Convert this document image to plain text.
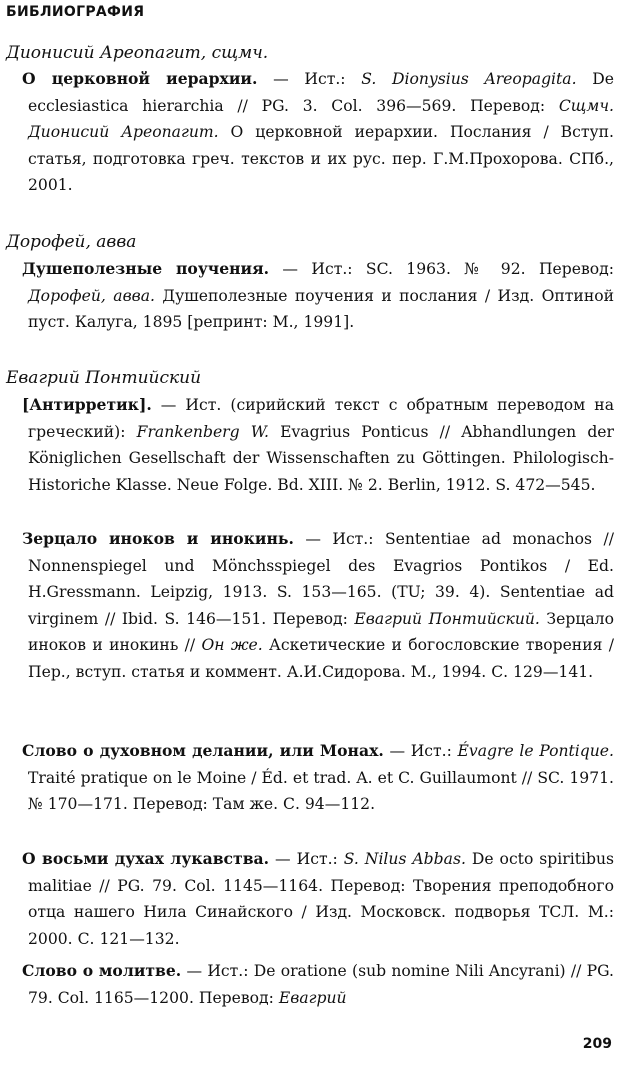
БИБЛИОГРАФИЯ
Дионисий Ареопагит, сщмч.

О церковной иерархии. — Ист.: S. Dionysius Areopagita. De ecclesiastica hierarchia // PG. 3. Col. 396—569. Перевод: Сщмч. Дионисий Ареопагит. О церковной иерархии. Послания / Вступ. статья, подготовка греч. текстов и их рус. пер. Г.М.Прохорова. СПб., 2001.

Дорофей, авва

Душеполезные поучения. — Ист.: SC. 1963. № 92. Перевод: Дорофей, авва. Душеполезные поучения и послания / Изд. Оптиной пуст. Калуга, 1895 [репринт: М., 1991].

Евагрий Понтийский

[Антирретик]. — Ист. (сирийский текст с обратным переводом на греческий): Frankenberg W. Evagrius Ponticus // Abhandlungen der Königlichen Gesellschaft der Wissenschaften zu Göttingen. Philologisch-Historiche Klasse. Neue Folge. Bd. XIII. № 2. Berlin, 1912. S. 472—545.

Зерцало иноков и инокинь. — Ист.: Sententiae ad monachos // Nonnenspiegel und Mönchsspiegel des Evagrios Pontikos / Ed. H.Gressmann. Leipzig, 1913. S. 153—165. (TU; 39. 4). Sententiae ad virginem // Ibid. S. 146—151. Перевод: Евагрий Понтийский. Зерцало иноков и инокинь // Он же. Аскетические и богословские творения / Пер., вступ. статья и коммент. А.И.Сидорова. М., 1994. С. 129—141.

Слово о духовном делании, или Монах. — Ист.: Évagre le Pontique. Traité pratique on le Moine / Éd. et trad. A. et C. Guillaumont // SC. 1971. № 170—171. Перевод: Там же. С. 94—112.

О восьми духах лукавства. — Ист.: S. Nilus Abbas. De octo spiritibus malitiae // PG. 79. Col. 1145—1164. Перевод: Творения преподобного отца нашего Нила Синайского / Изд. Московск. подворья ТСЛ. М.: 2000. С. 121—132.

Слово о молитве. — Ист.: De oratione (sub nomine Nili Ancyrani) // PG. 79. Col. 1165—1200. Перевод: Евагрий

209
